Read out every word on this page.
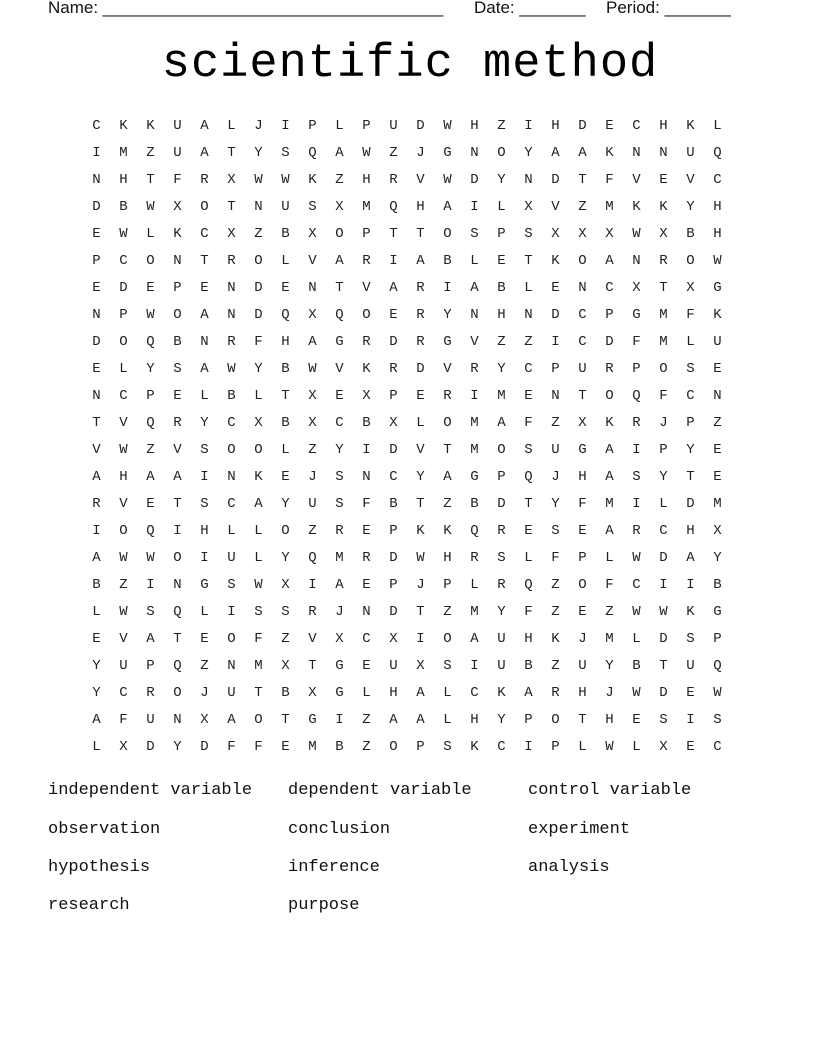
Name: ____________________________________ Date: _______ Period: _______
scientific method
C	K	K	U	A	L	J	I	P	L	P	U	D	W	H	Z	I	H	D	E	C	H	K	L
I	M	Z	U	A	T	Y	S	Q	A	W	Z	J	G	N	O	Y	A	A	K	N	N	U	Q
N	H	T	F	R	X	W	W	K	Z	H	R	V	W	D	Y	N	D	T	F	V	E	V	C
D	B	W	X	O	T	N	U	S	X	M	Q	H	A	I	L	X	V	Z	M	K	K	Y	H
E	W	L	K	C	X	Z	B	X	O	P	T	T	O	S	P	S	X	X	X	W	X	B	H
P	C	O	N	T	R	O	L	V	A	R	I	A	B	L	E	T	K	O	A	N	R	O	W
E	D	E	P	E	N	D	E	N	T	V	A	R	I	A	B	L	E	N	C	X	T	X	G
N	P	W	O	A	N	D	Q	X	Q	O	E	R	Y	N	H	N	D	C	P	G	M	F	K
D	O	Q	B	N	R	F	H	A	G	R	D	R	G	V	Z	Z	I	C	D	F	M	L	U
E	L	Y	S	A	W	Y	B	W	V	K	R	D	V	R	Y	C	P	U	R	P	O	S	E
N	C	P	E	L	B	L	T	X	E	X	P	E	R	I	M	E	N	T	O	Q	F	C	N
T	V	Q	R	Y	C	X	B	X	C	B	X	L	O	M	A	F	Z	X	K	R	J	P	Z
V	W	Z	V	S	O	O	L	Z	Y	I	D	V	T	M	O	S	U	G	A	I	P	Y	E
A	H	A	A	I	N	K	E	J	S	N	C	Y	A	G	P	Q	J	H	A	S	Y	T	E
R	V	E	T	S	C	A	Y	U	S	F	B	T	Z	B	D	T	Y	F	M	I	L	D	M
I	O	Q	I	H	L	L	O	Z	R	E	P	K	K	Q	R	E	S	E	A	R	C	H	X
A	W	W	O	I	U	L	Y	Q	M	R	D	W	H	R	S	L	F	P	L	W	D	A	Y
B	Z	I	N	G	S	W	X	I	A	E	P	J	P	L	R	Q	Z	O	F	C	I	I	B
L	W	S	Q	L	I	S	S	R	J	N	D	T	Z	M	Y	F	Z	E	Z	W	W	K	G
E	V	A	T	E	O	F	Z	V	X	C	X	I	O	A	U	H	K	J	M	L	D	S	P
Y	U	P	Q	Z	N	M	X	T	G	E	U	X	S	I	U	B	Z	U	Y	B	T	U	Q
Y	C	R	O	J	U	T	B	X	G	L	H	A	L	C	K	A	R	H	J	W	D	E	W
A	F	U	N	X	A	O	T	G	I	Z	A	A	L	H	Y	P	O	T	H	E	S	I	S
L	X	D	Y	D	F	F	E	M	B	Z	O	P	S	K	C	I	P	L	W	L	X	E	C
independent variable dependent variable	control variable
observation	conclusion	experiment
hypothesis	inference	analysis
research	purpose
